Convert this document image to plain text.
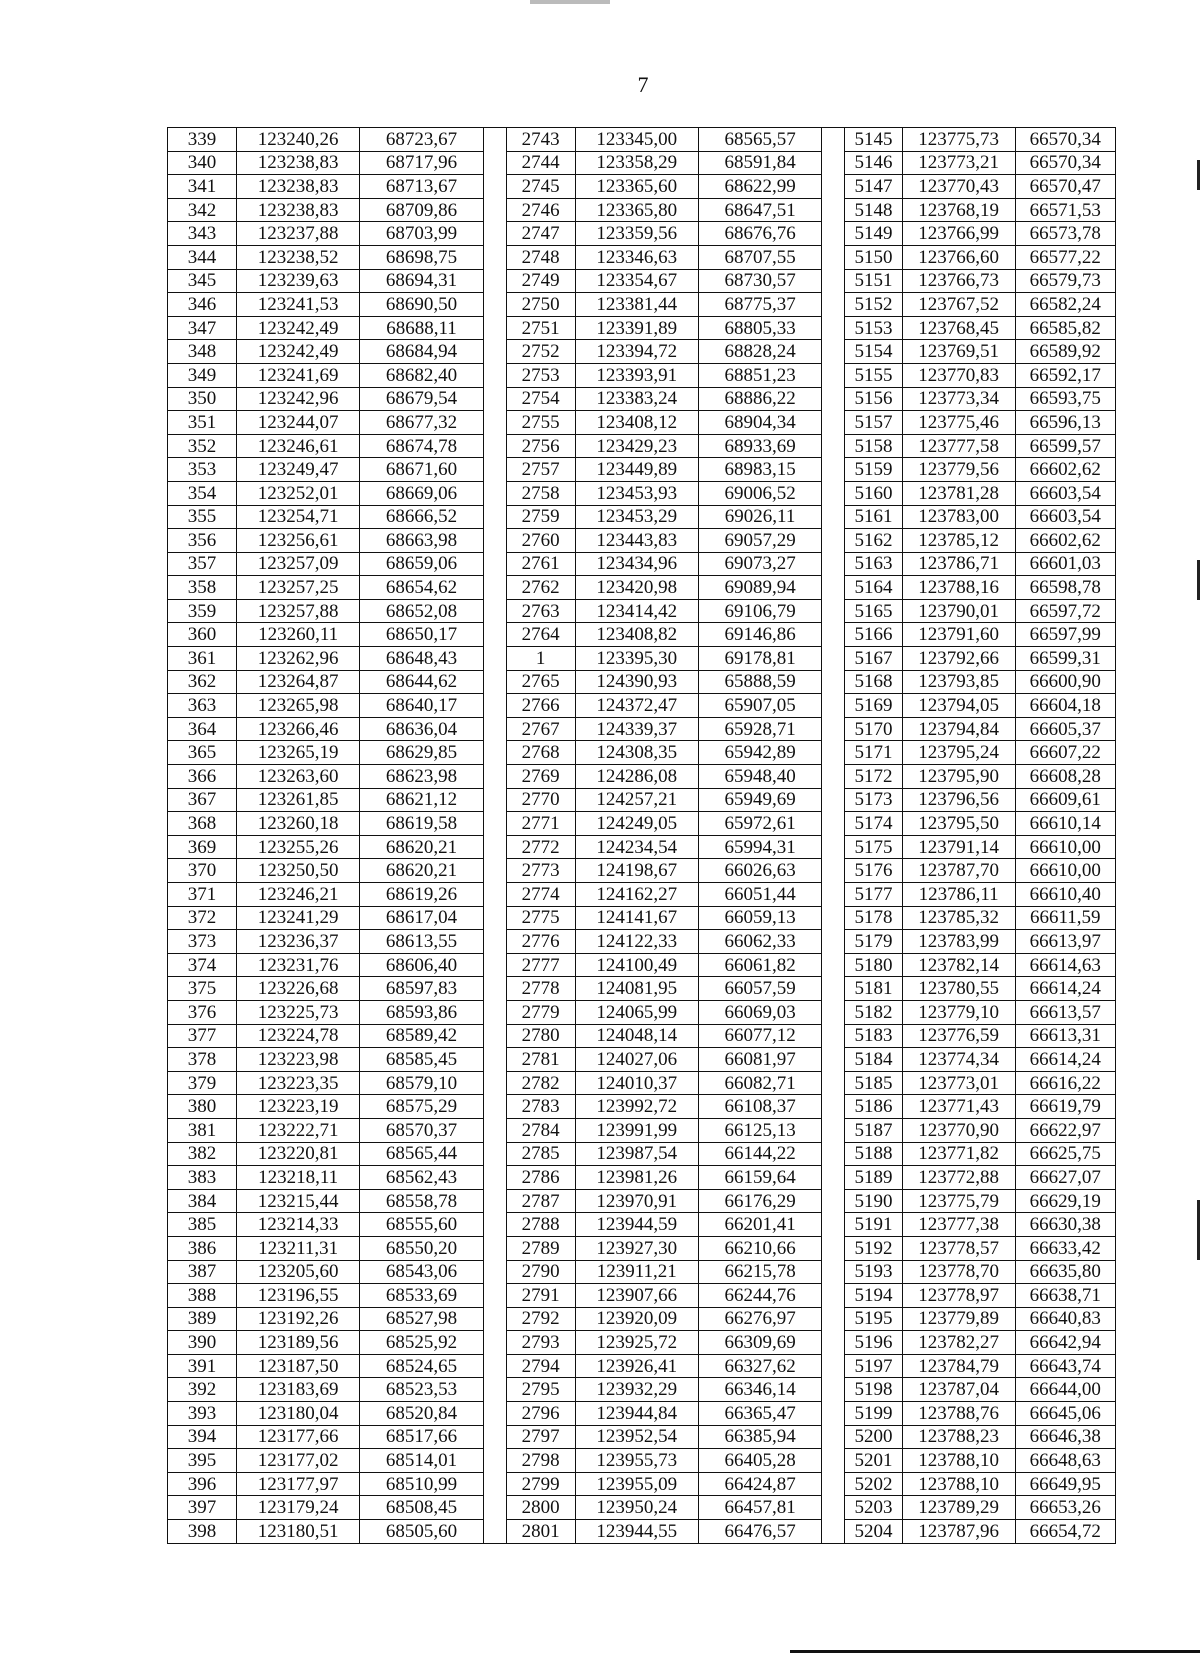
7
339	123240,26	68723,67		2743	123345,00	68565,57		5145	123775,73	66570,34
340	123238,83	68717,96		2744	123358,29	68591,84		5146	123773,21	66570,34
341	123238,83	68713,67		2745	123365,60	68622,99		5147	123770,43	66570,47
342	123238,83	68709,86		2746	123365,80	68647,51		5148	123768,19	66571,53
343	123237,88	68703,99		2747	123359,56	68676,76		5149	123766,99	66573,78
344	123238,52	68698,75		2748	123346,63	68707,55		5150	123766,60	66577,22
345	123239,63	68694,31		2749	123354,67	68730,57		5151	123766,73	66579,73
346	123241,53	68690,50		2750	123381,44	68775,37		5152	123767,52	66582,24
347	123242,49	68688,11		2751	123391,89	68805,33		5153	123768,45	66585,82
348	123242,49	68684,94		2752	123394,72	68828,24		5154	123769,51	66589,92
349	123241,69	68682,40		2753	123393,91	68851,23		5155	123770,83	66592,17
350	123242,96	68679,54		2754	123383,24	68886,22		5156	123773,34	66593,75
351	123244,07	68677,32		2755	123408,12	68904,34		5157	123775,46	66596,13
352	123246,61	68674,78		2756	123429,23	68933,69		5158	123777,58	66599,57
353	123249,47	68671,60		2757	123449,89	68983,15		5159	123779,56	66602,62
354	123252,01	68669,06		2758	123453,93	69006,52		5160	123781,28	66603,54
355	123254,71	68666,52		2759	123453,29	69026,11		5161	123783,00	66603,54
356	123256,61	68663,98		2760	123443,83	69057,29		5162	123785,12	66602,62
357	123257,09	68659,06		2761	123434,96	69073,27		5163	123786,71	66601,03
358	123257,25	68654,62		2762	123420,98	69089,94		5164	123788,16	66598,78
359	123257,88	68652,08		2763	123414,42	69106,79		5165	123790,01	66597,72
360	123260,11	68650,17		2764	123408,82	69146,86		5166	123791,60	66597,99
361	123262,96	68648,43		1	123395,30	69178,81		5167	123792,66	66599,31
362	123264,87	68644,62		2765	124390,93	65888,59		5168	123793,85	66600,90
363	123265,98	68640,17		2766	124372,47	65907,05		5169	123794,05	66604,18
364	123266,46	68636,04		2767	124339,37	65928,71		5170	123794,84	66605,37
365	123265,19	68629,85		2768	124308,35	65942,89		5171	123795,24	66607,22
366	123263,60	68623,98		2769	124286,08	65948,40		5172	123795,90	66608,28
367	123261,85	68621,12		2770	124257,21	65949,69		5173	123796,56	66609,61
368	123260,18	68619,58		2771	124249,05	65972,61		5174	123795,50	66610,14
369	123255,26	68620,21		2772	124234,54	65994,31		5175	123791,14	66610,00
370	123250,50	68620,21		2773	124198,67	66026,63		5176	123787,70	66610,00
371	123246,21	68619,26		2774	124162,27	66051,44		5177	123786,11	66610,40
372	123241,29	68617,04		2775	124141,67	66059,13		5178	123785,32	66611,59
373	123236,37	68613,55		2776	124122,33	66062,33		5179	123783,99	66613,97
374	123231,76	68606,40		2777	124100,49	66061,82		5180	123782,14	66614,63
375	123226,68	68597,83		2778	124081,95	66057,59		5181	123780,55	66614,24
376	123225,73	68593,86		2779	124065,99	66069,03		5182	123779,10	66613,57
377	123224,78	68589,42		2780	124048,14	66077,12		5183	123776,59	66613,31
378	123223,98	68585,45		2781	124027,06	66081,97		5184	123774,34	66614,24
379	123223,35	68579,10		2782	124010,37	66082,71		5185	123773,01	66616,22
380	123223,19	68575,29		2783	123992,72	66108,37		5186	123771,43	66619,79
381	123222,71	68570,37		2784	123991,99	66125,13		5187	123770,90	66622,97
382	123220,81	68565,44		2785	123987,54	66144,22		5188	123771,82	66625,75
383	123218,11	68562,43		2786	123981,26	66159,64		5189	123772,88	66627,07
384	123215,44	68558,78		2787	123970,91	66176,29		5190	123775,79	66629,19
385	123214,33	68555,60		2788	123944,59	66201,41		5191	123777,38	66630,38
386	123211,31	68550,20		2789	123927,30	66210,66		5192	123778,57	66633,42
387	123205,60	68543,06		2790	123911,21	66215,78		5193	123778,70	66635,80
388	123196,55	68533,69		2791	123907,66	66244,76		5194	123778,97	66638,71
389	123192,26	68527,98		2792	123920,09	66276,97		5195	123779,89	66640,83
390	123189,56	68525,92		2793	123925,72	66309,69		5196	123782,27	66642,94
391	123187,50	68524,65		2794	123926,41	66327,62		5197	123784,79	66643,74
392	123183,69	68523,53		2795	123932,29	66346,14		5198	123787,04	66644,00
393	123180,04	68520,84		2796	123944,84	66365,47		5199	123788,76	66645,06
394	123177,66	68517,66		2797	123952,54	66385,94		5200	123788,23	66646,38
395	123177,02	68514,01		2798	123955,73	66405,28		5201	123788,10	66648,63
396	123177,97	68510,99		2799	123955,09	66424,87		5202	123788,10	66649,95
397	123179,24	68508,45		2800	123950,24	66457,81		5203	123789,29	66653,26
398	123180,51	68505,60		2801	123944,55	66476,57		5204	123787,96	66654,72
